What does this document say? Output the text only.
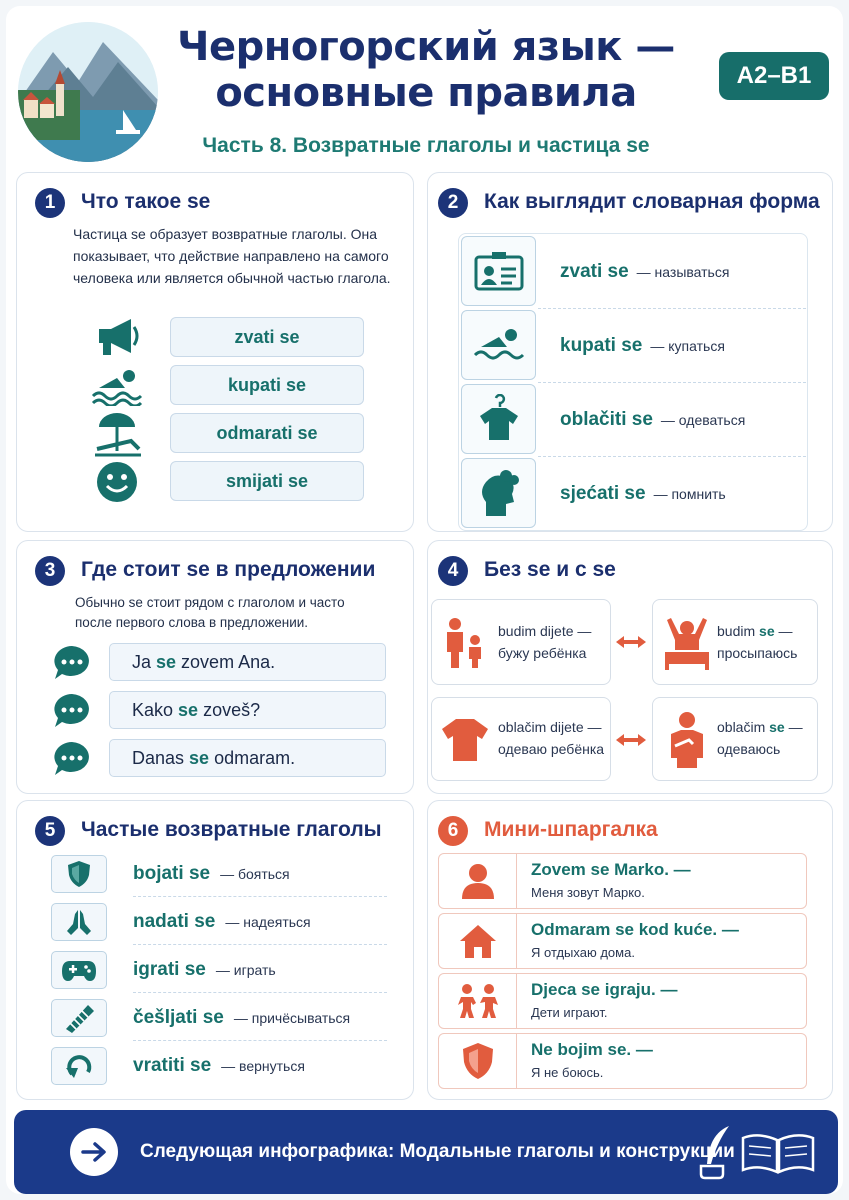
Черногорский язык —
основные правила
Часть 8. Возвратные глаголы и частица se
A2–B1
1	Что такое se
Частица se образует возвратные глаголы. Она показывает, что действие направлено на самого человека или является обычной частью глагола.
zvati se
kupati se
odmarati se
smijati se
2	Как выглядит словарная форма
zvati se — называться
kupati se — купаться
oblačiti se — одеваться
sjećati se — помнить
3	Где стоит se в предложении
Обычно se стоит рядом с глаголом и часто после первого слова в предложении.
Ja se zovem Ana.
Kako se zoveš?
Danas se odmaram.
4	Без se и с se
budim dijete —
бужу ребёнка
budim se —
просыпаюсь
oblačim dijete —
одеваю ребёнка
oblačim se —
одеваюсь
5	Частые возвратные глаголы
bojati se — бояться
nadati se — надеяться
igrati se — играть
češljati se — причёсываться
vratiti se — вернуться
6	Мини-шпаргалка
Zovem se Marko. —
Меня зовут Марко.
Odmaram se kod kuće. —
Я отдыхаю дома.
Djeca se igraju. —
Дети играют.
Ne bojim se. —
Я не боюсь.
Следующая инфографика: Модальные глаголы и конструкции
